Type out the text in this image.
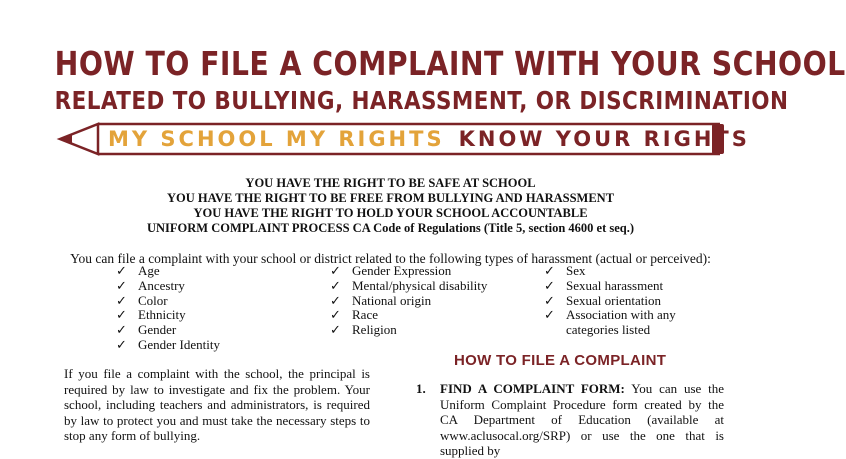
HOW TO FILE A COMPLAINT WITH YOUR SCHOOL
RELATED TO BULLYING, HARASSMENT, OR DISCRIMINATION
MY SCHOOL MY RIGHTS KNOW YOUR RIGHTS
YOU HAVE THE RIGHT TO BE SAFE AT SCHOOL
YOU HAVE THE RIGHT TO BE FREE FROM BULLYING AND HARASSMENT
YOU HAVE THE RIGHT TO HOLD YOUR SCHOOL ACCOUNTABLE
UNIFORM COMPLAINT PROCESS CA Code of Regulations (Title 5, section 4600 et seq.)
You can file a complaint with your school or district related to the following types of harassment (actual or perceived):
✓ Age
✓ Ancestry
✓ Color
✓ Ethnicity
✓ Gender
✓ Gender Identity
✓ Gender Expression
✓ Mental/physical disability
✓ National origin
✓ Race
✓ Religion
✓ Sex
✓ Sexual harassment
✓ Sexual orientation
✓ Association with any categories listed

If you file a complaint with the school, the principal is required by law to investigate and fix the problem. Your school, including teachers and administrators, is required by law to protect you and must take the necessary steps to stop any form of bullying.

HOW TO FILE A COMPLAINT
1. FIND A COMPLAINT FORM: You can use the Uniform Complaint Procedure form created by the CA Department of Education (available at www.aclusocal.org/SRP) or use the one that is supplied by
